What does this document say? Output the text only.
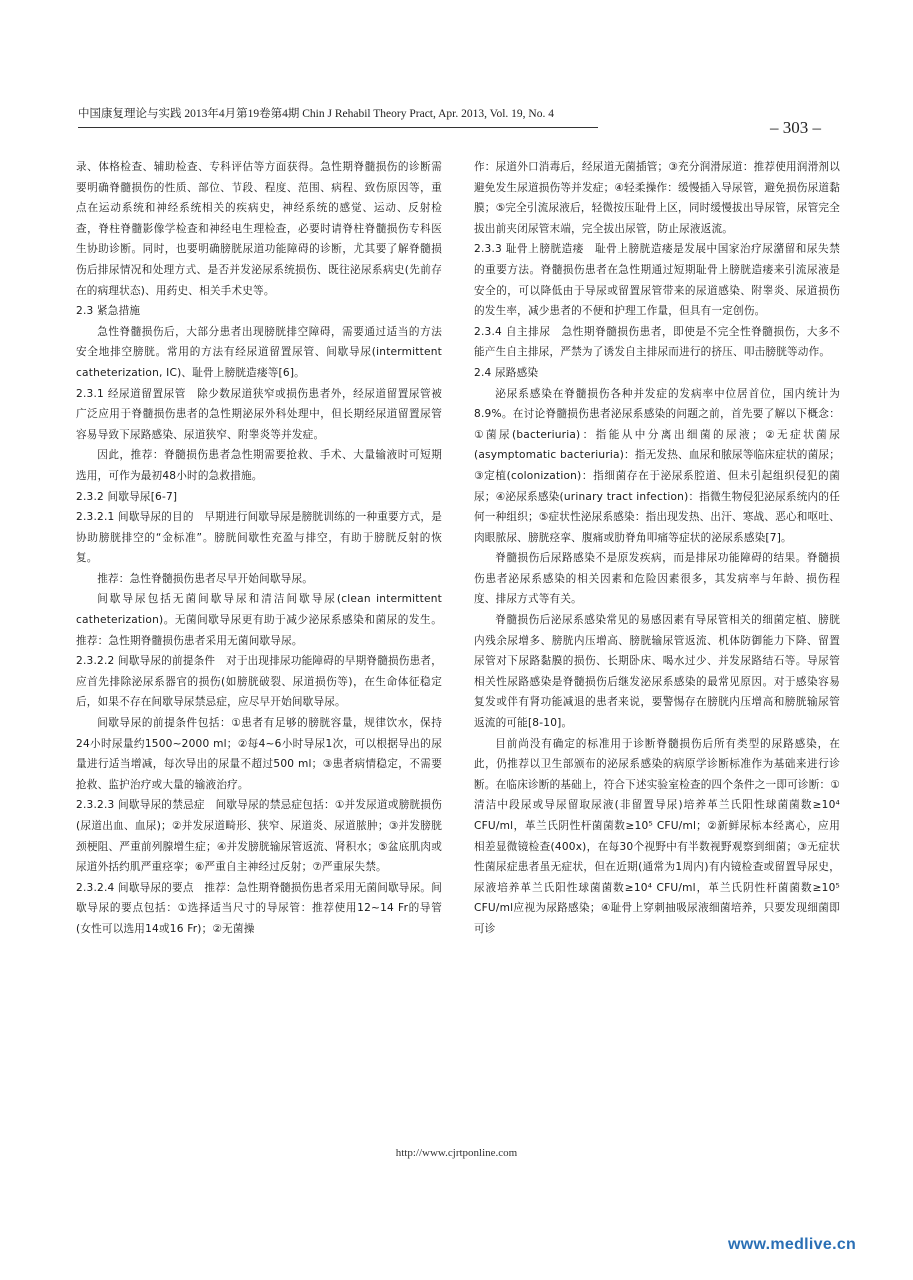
中国康复理论与实践 2013年4月第19卷第4期 Chin J Rehabil Theory Pract, Apr. 2013, Vol. 19, No. 4
– 303 –

录、体格检查、辅助检查、专科评估等方面获得。急性期脊髓损伤的诊断需要明确脊髓损伤的性质、部位、节段、程度、范围、病程、致伤原因等，重点在运动系统和神经系统相关的疾病史，神经系统的感觉、运动、反射检查，脊柱脊髓影像学检查和神经电生理检查，必要时请脊柱脊髓损伤专科医生协助诊断。同时，也要明确膀胱尿道功能障碍的诊断，尤其要了解脊髓损伤后排尿情况和处理方式、是否并发泌尿系统损伤、既往泌尿系病史(先前存在的病理状态)、用药史、相关手术史等。

2.3 紧急措施

急性脊髓损伤后，大部分患者出现膀胱排空障碍，需要通过适当的方法安全地排空膀胱。常用的方法有经尿道留置尿管、间歇导尿(intermittent catheterization, IC)、耻骨上膀胱造瘘等[6]。

2.3.1 经尿道留置尿管　除少数尿道狭窄或损伤患者外，经尿道留置尿管被广泛应用于脊髓损伤患者的急性期泌尿外科处理中，但长期经尿道留置尿管容易导致下尿路感染、尿道狭窄、附睾炎等并发症。

因此，推荐：脊髓损伤患者急性期需要抢救、手术、大量输液时可短期选用，可作为最初48小时的急救措施。

2.3.2 间歇导尿[6-7]

2.3.2.1 间歇导尿的目的　早期进行间歇导尿是膀胱训练的一种重要方式，是协助膀胱排空的“金标准”。膀胱间歇性充盈与排空，有助于膀胱反射的恢复。

推荐：急性脊髓损伤患者尽早开始间歇导尿。

间歇导尿包括无菌间歇导尿和清洁间歇导尿(clean intermittent catheterization)。无菌间歇导尿更有助于减少泌尿系感染和菌尿的发生。推荐：急性期脊髓损伤患者采用无菌间歇导尿。

2.3.2.2 间歇导尿的前提条件　对于出现排尿功能障碍的早期脊髓损伤患者，应首先排除泌尿系器官的损伤(如膀胱破裂、尿道损伤等)，在生命体征稳定后，如果不存在间歇导尿禁忌症，应尽早开始间歇导尿。

间歇导尿的前提条件包括：①患者有足够的膀胱容量，规律饮水，保持24小时尿量约1500~2000 ml；②每4~6小时导尿1次，可以根据导出的尿量进行适当增减，每次导出的尿量不超过500 ml；③患者病情稳定，不需要抢救、监护治疗或大量的输液治疗。

2.3.2.3 间歇导尿的禁忌症　间歇导尿的禁忌症包括：①并发尿道或膀胱损伤(尿道出血、血尿)；②并发尿道畸形、狭窄、尿道炎、尿道脓肿；③并发膀胱颈梗阻、严重前列腺增生症；④并发膀胱输尿管返流、肾积水；⑤盆底肌肉或尿道外括约肌严重痉挛；⑥严重自主神经过反射；⑦严重尿失禁。

2.3.2.4 间歇导尿的要点　推荐：急性期脊髓损伤患者采用无菌间歇导尿。间歇导尿的要点包括：①选择适当尺寸的导尿管：推荐使用12~14 Fr的导管(女性可以选用14或16 Fr)；②无菌操

作：尿道外口消毒后，经尿道无菌插管；③充分润滑尿道：推荐使用润滑剂以避免发生尿道损伤等并发症；④轻柔操作：缓慢插入导尿管，避免损伤尿道黏膜；⑤完全引流尿液后，轻微按压耻骨上区，同时缓慢拔出导尿管，尿管完全拔出前夹闭尿管末端，完全拔出尿管，防止尿液返流。

2.3.3 耻骨上膀胱造瘘　耻骨上膀胱造瘘是发展中国家治疗尿潴留和尿失禁的重要方法。脊髓损伤患者在急性期通过短期耻骨上膀胱造瘘来引流尿液是安全的，可以降低由于导尿或留置尿管带来的尿道感染、附睾炎、尿道损伤的发生率，减少患者的不便和护理工作量，但具有一定创伤。

2.3.4 自主排尿　急性期脊髓损伤患者，即使是不完全性脊髓损伤，大多不能产生自主排尿，严禁为了诱发自主排尿而进行的挤压、叩击膀胱等动作。

2.4 尿路感染

泌尿系感染在脊髓损伤各种并发症的发病率中位居首位，国内统计为8.9%。在讨论脊髓损伤患者泌尿系感染的问题之前，首先要了解以下概念：①菌尿(bacteriuria)：指能从中分离出细菌的尿液；②无症状菌尿(asymptomatic bacteriuria)：指无发热、血尿和脓尿等临床症状的菌尿；③定植(colonization)：指细菌存在于泌尿系腔道、但未引起组织侵犯的菌尿；④泌尿系感染(urinary tract infection)：指微生物侵犯泌尿系统内的任何一种组织；⑤症状性泌尿系感染：指出现发热、出汗、寒战、恶心和呕吐、肉眼脓尿、膀胱痉挛、腹痛或肋脊角叩痛等症状的泌尿系感染[7]。

脊髓损伤后尿路感染不是原发疾病，而是排尿功能障碍的结果。脊髓损伤患者泌尿系感染的相关因素和危险因素很多，其发病率与年龄、损伤程度、排尿方式等有关。

脊髓损伤后泌尿系感染常见的易感因素有导尿管相关的细菌定植、膀胱内残余尿增多、膀胱内压增高、膀胱输尿管返流、机体防御能力下降、留置尿管对下尿路黏膜的损伤、长期卧床、喝水过少、并发尿路结石等。导尿管相关性尿路感染是脊髓损伤后继发泌尿系感染的最常见原因。对于感染容易复发或伴有肾功能减退的患者来说，要警惕存在膀胱内压增高和膀胱输尿管返流的可能[8-10]。

目前尚没有确定的标准用于诊断脊髓损伤后所有类型的尿路感染，在此，仍推荐以卫生部颁布的泌尿系感染的病原学诊断标准作为基础来进行诊断。在临床诊断的基础上，符合下述实验室检查的四个条件之一即可诊断：①清洁中段尿或导尿留取尿液(非留置导尿)培养革兰氏阳性球菌菌数≥10⁴ CFU/ml，革兰氏阴性杆菌菌数≥10⁵ CFU/ml；②新鲜尿标本经离心，应用相差显微镜检查(400x)，在每30个视野中有半数视野观察到细菌；③无症状性菌尿症患者虽无症状，但在近期(通常为1周内)有内镜检查或留置导尿史，尿液培养革兰氏阳性球菌菌数≥10⁴ CFU/ml，革兰氏阴性杆菌菌数≥10⁵ CFU/ml应视为尿路感染；④耻骨上穿刺抽吸尿液细菌培养，只要发现细菌即可诊

http://www.cjrtponline.com
www.medlive.cn
